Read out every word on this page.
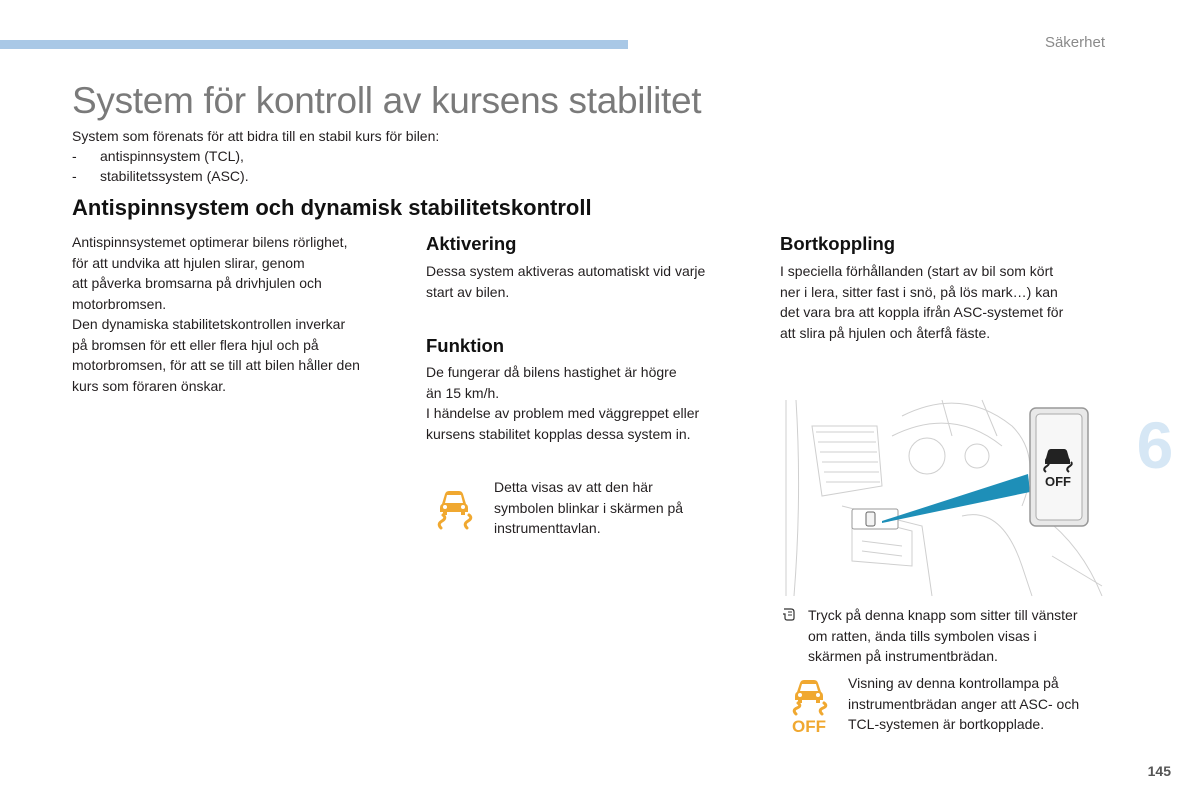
Säkerhet
System för kontroll av kursens stabilitet

System som förenats för att bidra till en stabil kurs för bilen:

- antispinnsystem (TCL),
- stabilitetssystem (ASC).
Antispinnsystem och dynamisk stabilitetskontroll
Antispinnsystemet optimerar bilens rörlighet,
för att undvika att hjulen slirar, genom
att påverka bromsarna på drivhjulen och
motorbromsen.
Den dynamiska stabilitetskontrollen inverkar
på bromsen för ett eller flera hjul och på
motorbromsen, för att se till att bilen håller den
kurs som föraren önskar.
Aktivering
Dessa system aktiveras automatiskt vid varje
start av bilen.
Funktion
De fungerar då bilens hastighet är högre
än 15 km/h.
I händelse av problem med väggreppet eller
kursens stabilitet kopplas dessa system in.
Detta visas av att den här
symbolen blinkar i skärmen på
instrumenttavlan.
Bortkoppling
I speciella förhållanden (start av bil som kört
ner i lera, sitter fast i snö, på lös mark…) kan
det vara bra att koppla ifrån ASC-systemet för
att slira på hjulen och återfå fäste.
OFF 6
Tryck på denna knapp som sitter till vänster
om ratten, ända tills symbolen visas i
skärmen på instrumentbrädan.
OFF
Visning av denna kontrollampa på
instrumentbrädan anger att ASC- och
TCL-systemen är bortkopplade.
145
